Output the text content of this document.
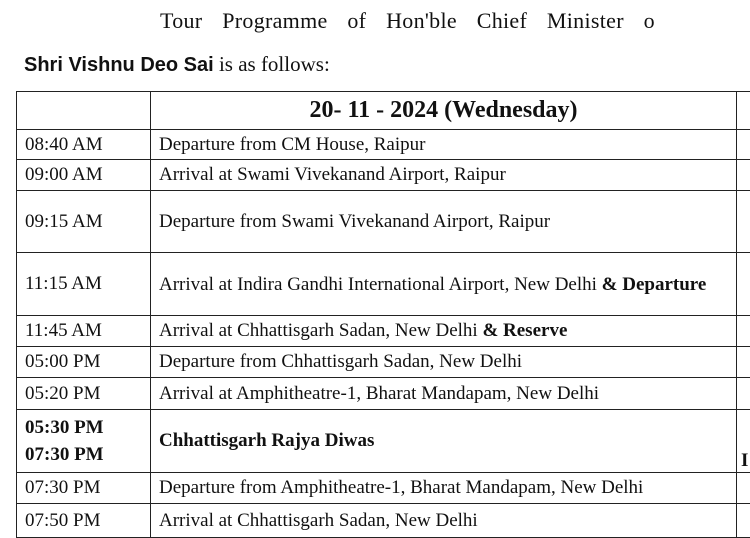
Tour Programme of Hon'ble Chief Minister o
Shri Vishnu Deo Sai is as follows:
	20- 11 - 2024 (Wednesday)	
08:40 AM	Departure from CM House, Raipur	
09:00 AM	Arrival at Swami Vivekanand Airport, Raipur	
09:15 AM	Departure from Swami Vivekanand Airport, Raipur	
11:15 AM	Arrival at Indira Gandhi International Airport, New Delhi & Departure	
11:45 AM	Arrival at Chhattisgarh Sadan, New Delhi & Reserve	
05:00 PM	Departure from Chhattisgarh Sadan, New Delhi	
05:20 PM	Arrival at Amphitheatre-1, Bharat Mandapam, New Delhi	

05:30 PM
07:30 PM	Chhattisgarh Rajya Diwas	I
07:30 PM	Departure from Amphitheatre-1, Bharat Mandapam, New Delhi	
07:50 PM	Arrival at Chhattisgarh Sadan, New Delhi	
